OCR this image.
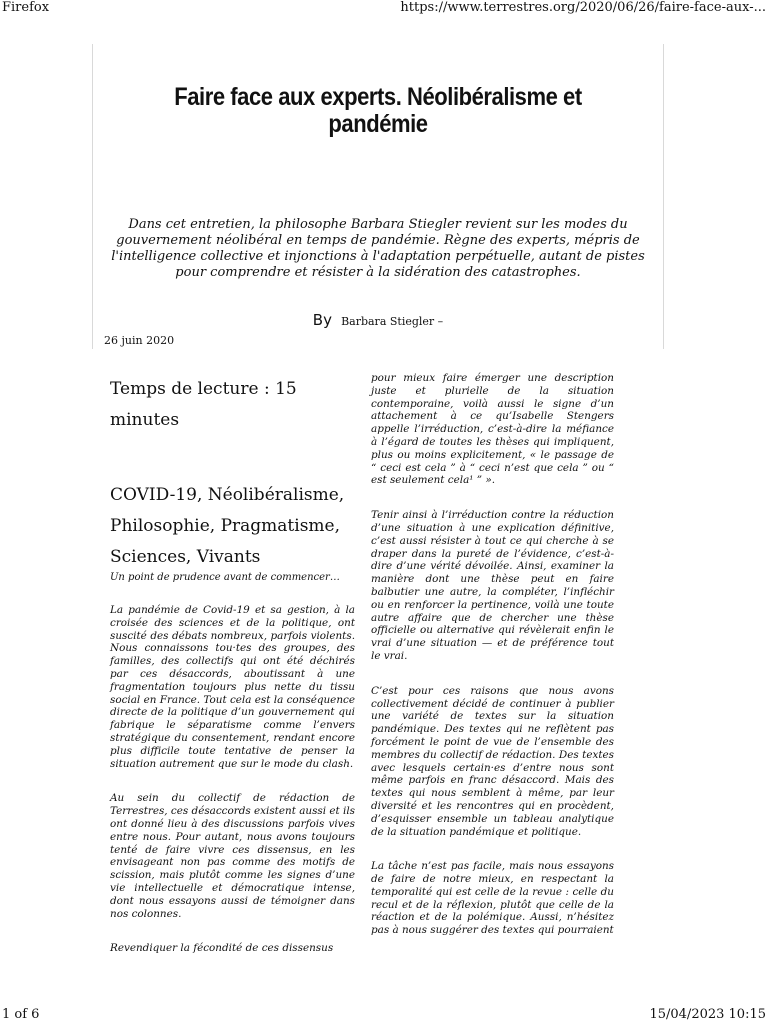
Firefox	https://www.terrestres.org/2020/06/26/faire-face-aux-...
Faire face aux experts. Néolibéralisme et pandémie

Dans cet entretien, la philosophe Barbara Stiegler revient sur les modes du gouvernement néolibéral en temps de pandémie. Règne des experts, mépris de l'intelligence collective et injonctions à l'adaptation perpétuelle, autant de pistes pour comprendre et résister à la sidération des catastrophes.

By Barbara Stiegler –
26 juin 2020

Temps de lecture : 15 minutes

COVID-19, Néolibéralisme, Philosophie, Pragmatisme, Sciences, Vivants

Un point de prudence avant de commencer…

La pandémie de Covid-19 et sa gestion, à la croisée des sciences et de la politique, ont suscité des débats nombreux, parfois violents. Nous connaissons tou·tes des groupes, des familles, des collectifs qui ont été déchirés par ces désaccords, aboutissant à une fragmentation toujours plus nette du tissu social en France. Tout cela est la conséquence directe de la politique d’un gouvernement qui fabrique le séparatisme comme l’envers stratégique du consentement, rendant encore plus difficile toute tentative de penser la situation autrement que sur le mode du clash.

Au sein du collectif de rédaction de Terrestres, ces désaccords existent aussi et ils ont donné lieu à des discussions parfois vives entre nous. Pour autant, nous avons toujours tenté de faire vivre ces dissensus, en les envisageant non pas comme des motifs de scission, mais plutôt comme les signes d’une vie intellectuelle et démocratique intense, dont nous essayons aussi de témoigner dans nos colonnes.

Revendiquer la fécondité de ces dissensus

pour mieux faire émerger une description juste et plurielle de la situation contemporaine, voilà aussi le signe d’un attachement à ce qu’Isabelle Stengers appelle l’irréduction, c’est-à-dire la méfiance à l’égard de toutes les thèses qui impliquent, plus ou moins explicitement, « le passage de “ ceci est cela ” à “ ceci n’est que cela ” ou “ est seulement cela¹ ” ».

Tenir ainsi à l’irréduction contre la réduction d’une situation à une explication définitive, c’est aussi résister à tout ce qui cherche à se draper dans la pureté de l’évidence, c’est-à-dire d’une vérité dévoilée. Ainsi, examiner la manière dont une thèse peut en faire balbutier une autre, la compléter, l’infléchir ou en renforcer la pertinence, voilà une toute autre affaire que de chercher une thèse officielle ou alternative qui révèlerait enfin le vrai d’une situation — et de préférence tout le vrai.

C’est pour ces raisons que nous avons collectivement décidé de continuer à publier une variété de textes sur la situation pandémique. Des textes qui ne reflètent pas forcément le point de vue de l’ensemble des membres du collectif de rédaction. Des textes avec lesquels certain·es d’entre nous sont même parfois en franc désaccord. Mais des textes qui nous semblent à même, par leur diversité et les rencontres qui en procèdent, d’esquisser ensemble un tableau analytique de la situation pandémique et politique.

La tâche n’est pas facile, mais nous essayons de faire de notre mieux, en respectant la temporalité qui est celle de la revue : celle du recul et de la réflexion, plutôt que celle de la réaction et de la polémique. Aussi, n’hésitez pas à nous suggérer des textes qui pourraient

1 of 6	15/04/2023 10:15
